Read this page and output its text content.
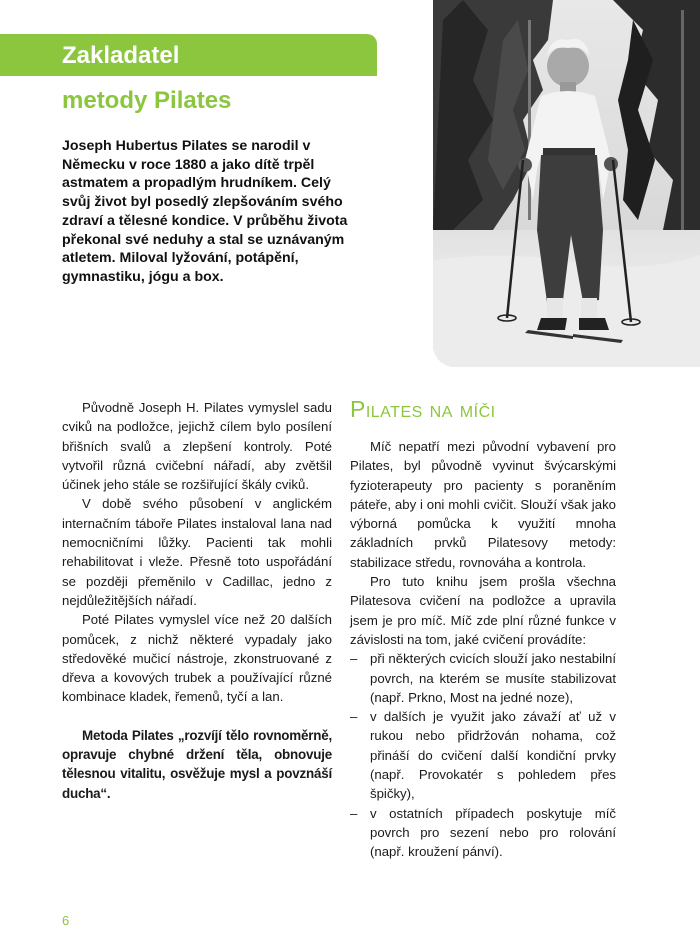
Zakladatel
metody Pilates

Joseph Hubertus Pilates se narodil v Německu v roce 1880 a jako dítě trpěl astmatem a propadlým hrudníkem. Celý svůj život byl posedlý zlepšováním svého zdraví a tělesné kondice. V průběhu života překonal své neduhy a stal se uznávaným atletem. Miloval lyžování, potápění, gymnastiku, jógu a box.

Původně Joseph H. Pilates vymyslel sadu cviků na podložce, jejichž cílem bylo posílení břišních svalů a zlepšení kontroly. Poté vytvořil různá cvičební nářadí, aby zvětšil účinek jeho stále se rozšiřující škály cviků.

V době svého působení v anglickém internačním táboře Pilates instaloval lana nad nemocničními lůžky. Pacienti tak mohli rehabilitovat i vleže. Přesně toto uspořádání se později přeměnilo v Cadillac, jedno z nejdůležitějších nářadí.

Poté Pilates vymyslel více než 20 dalších pomůcek, z nichž některé vypadaly jako středověké mučicí nástroje, zkonstruované z dřeva a kovových trubek a používající různé kombinace kladek, řemenů, tyčí a lan.

Metoda Pilates „rozvíjí tělo rovnoměrně, opravuje chybné držení těla, obnovuje tělesnou vitalitu, osvěžuje mysl a povznáší ducha“.

Pilates na míči

Míč nepatří mezi původní vybavení pro Pilates, byl původně vyvinut švýcarskými fyzioterapeuty pro pacienty s poraněním páteře, aby i oni mohli cvičit. Slouží však jako výborná pomůcka k využití mnoha základních prvků Pilatesovy metody: stabilizace středu, rovnováha a kontrola.

Pro tuto knihu jsem prošla všechna Pilatesova cvičení na podložce a upravila jsem je pro míč. Míč zde plní různé funkce v závislosti na tom, jaké cvičení provádíte:

– při některých cvicích slouží jako nestabilní povrch, na kterém se musíte stabilizovat (např. Prkno, Most na jedné noze),
– v dalších je využit jako závaží ať už v rukou nebo přidržován nohama, což přináší do cvičení další kondiční prvky (např. Provokatér s pohledem přes špičky),
– v ostatních případech poskytuje míč povrch pro sezení nebo pro rolování (např. kroužení pánví).
6
